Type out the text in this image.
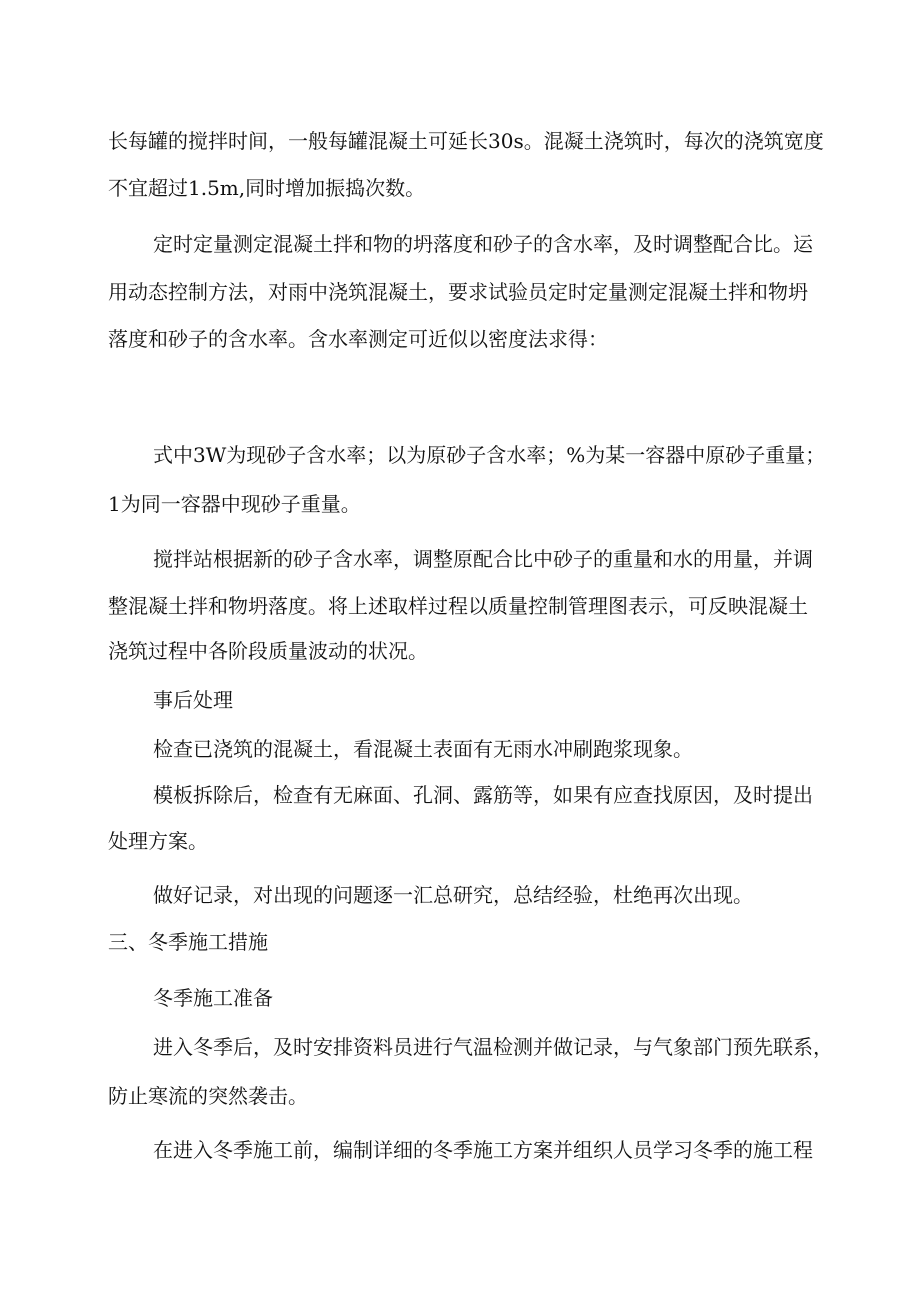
长每罐的搅拌时间，一般每罐混凝土可延长30s。混凝土浇筑时，每次的浇筑宽度
不宜超过1.5m,同时增加振捣次数。
定时定量测定混凝土拌和物的坍落度和砂子的含水率，及时调整配合比。运
用动态控制方法，对雨中浇筑混凝土，要求试验员定时定量测定混凝土拌和物坍
落度和砂子的含水率。含水率测定可近似以密度法求得：
式中3W为现砂子含水率；以为原砂子含水率；%为某一容器中原砂子重量；
1为同一容器中现砂子重量。
搅拌站根据新的砂子含水率，调整原配合比中砂子的重量和水的用量，并调
整混凝土拌和物坍落度。将上述取样过程以质量控制管理图表示，可反映混凝土
浇筑过程中各阶段质量波动的状况。
事后处理
检查已浇筑的混凝土，看混凝土表面有无雨水冲刷跑浆现象。
模板拆除后，检查有无麻面、孔洞、露筋等，如果有应查找原因，及时提出
处理方案。
做好记录，对出现的问题逐一汇总研究，总结经验，杜绝再次出现。
三、冬季施工措施
冬季施工准备
进入冬季后，及时安排资料员进行气温检测并做记录，与气象部门预先联系，
防止寒流的突然袭击。
在进入冬季施工前，编制详细的冬季施工方案并组织人员学习冬季的施工程
